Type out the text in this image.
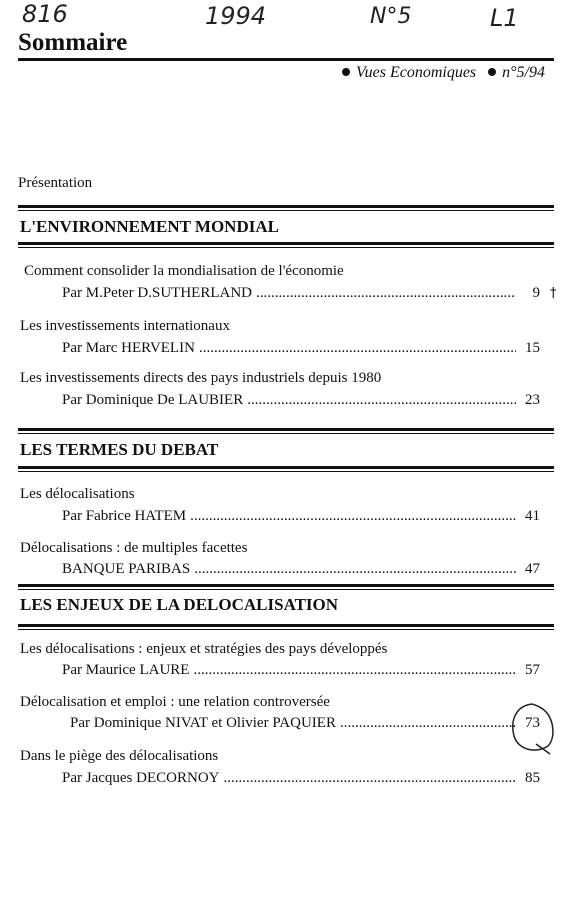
816	1994	N°5	L1
Sommaire
Vues Economiques n°5/94
Présentation
L'ENVIRONNEMENT MONDIAL
Comment consolider la mondialisation de l'économie
Par M.Peter D.SUTHERLAND .....	9 †
Les investissements internationaux
Par Marc HERVELIN .....	15
Les investissements directs des pays industriels depuis 1980
Par Dominique De LAUBIER .....	23
LES TERMES DU DEBAT
Les délocalisations
Par Fabrice HATEM .....	41
Délocalisations : de multiples facettes
BANQUE PARIBAS .....	47
LES ENJEUX DE LA DELOCALISATION
Les délocalisations : enjeux et stratégies des pays développés
Par Maurice LAURE .....	57
Délocalisation et emploi : une relation controversée
Par Dominique NIVAT et Olivier PAQUIER .....	73
Dans le piège des délocalisations
Par Jacques DECORNOY .....	85
